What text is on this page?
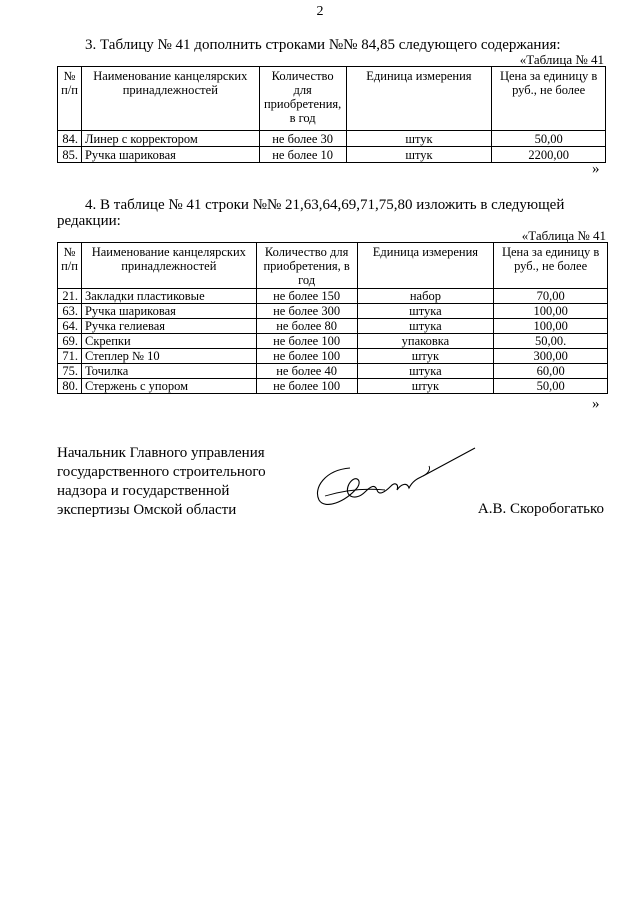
2
3. Таблицу № 41 дополнить строками №№ 84,85 следующего содержания:
«Таблица № 41
№ п/п	Наименование канцелярских принадлежностей	Количество для приобретения, в год	Единица измерения	Цена за единицу в руб., не более
84.	Линер с корректором	не более 30	штук	50,00
85.	Ручка шариковая	не более 10	штук	2200,00
»
4. В таблице № 41 строки №№ 21,63,64,69,71,75,80 изложить в следующей
редакции:
«Таблица № 41
№ п/п	Наименование канцелярских принадлежностей	Количество для приобретения, в год	Единица измерения	Цена за единицу в руб., не более
21.	Закладки пластиковые	не более 150	набор	70,00
63.	Ручка шариковая	не более 300	штука	100,00
64.	Ручка гелиевая	не более 80	штука	100,00
69.	Скрепки	не более 100	упаковка	50,00.
71.	Степлер № 10	не более 100	штук	300,00
75.	Точилка	не более 40	штука	60,00
80.	Стержень с упором	не более 100	штук	50,00
»
Начальник Главного управления
государственного строительного
надзора и государственной
экспертизы Омской области	А.В. Скоробогатько
